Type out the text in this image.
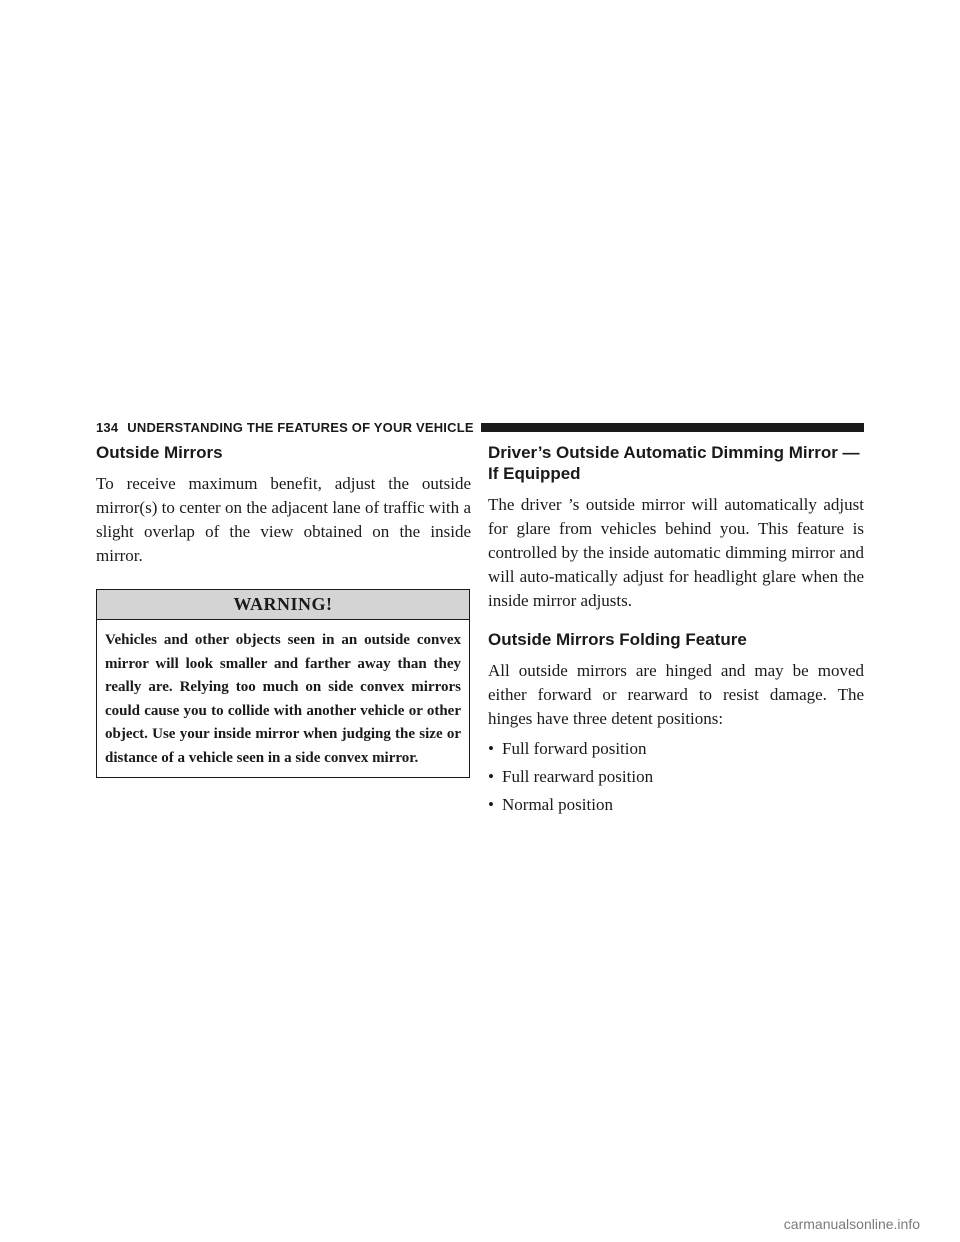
134 UNDERSTANDING THE FEATURES OF YOUR VEHICLE
Outside Mirrors

To receive maximum benefit, adjust the outside mirror(s) to center on the adjacent lane of traffic with a slight overlap of the view obtained on the inside mirror.

WARNING!
Vehicles and other objects seen in an outside convex mirror will look smaller and farther away than they really are. Relying too much on side convex mirrors could cause you to collide with another vehicle or other object. Use your inside mirror when judging the size or distance of a vehicle seen in a side convex mirror.
Driver’s Outside Automatic Dimming Mirror — If Equipped

The driver ’s outside mirror will automatically adjust for glare from vehicles behind you. This feature is controlled by the inside automatic dimming mirror and will auto-matically adjust for headlight glare when the inside mirror adjusts.

Outside Mirrors Folding Feature

All outside mirrors are hinged and may be moved either forward or rearward to resist damage. The hinges have three detent positions:

• Full forward position
• Full rearward position
• Normal position
carmanualsonline.info
